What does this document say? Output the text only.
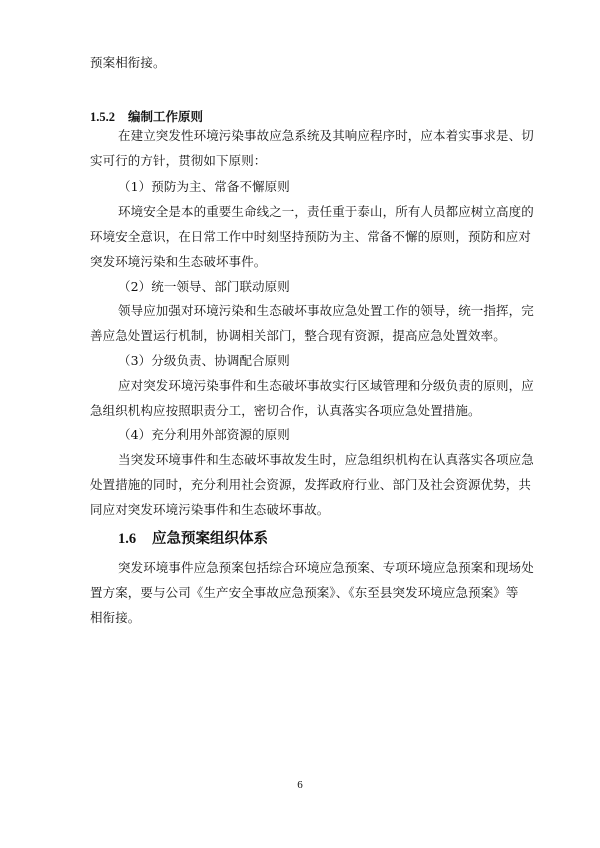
预案相衔接。
1.5.2 编制工作原则
在建立突发性环境污染事故应急系统及其响应程序时，应本着实事求是、切
实可行的方针，贯彻如下原则：
（1）预防为主、常备不懈原则
环境安全是本的重要生命线之一，责任重于泰山，所有人员都应树立高度的
环境安全意识，在日常工作中时刻坚持预防为主、常备不懈的原则，预防和应对
突发环境污染和生态破坏事件。
（2）统一领导、部门联动原则
领导应加强对环境污染和生态破坏事故应急处置工作的领导，统一指挥，完
善应急处置运行机制，协调相关部门，整合现有资源，提高应急处置效率。
（3）分级负责、协调配合原则
应对突发环境污染事件和生态破坏事故实行区域管理和分级负责的原则，应
急组织机构应按照职责分工，密切合作，认真落实各项应急处置措施。
（4）充分利用外部资源的原则
当突发环境事件和生态破坏事故发生时，应急组织机构在认真落实各项应急
处置措施的同时，充分利用社会资源，发挥政府行业、部门及社会资源优势，共
同应对突发环境污染事件和生态破坏事故。
1.6 应急预案组织体系
突发环境事件应急预案包括综合环境应急预案、专项环境应急预案和现场处
置方案，要与公司《生产安全事故应急预案》、《东至县突发环境应急预案》等
相衔接。
6
